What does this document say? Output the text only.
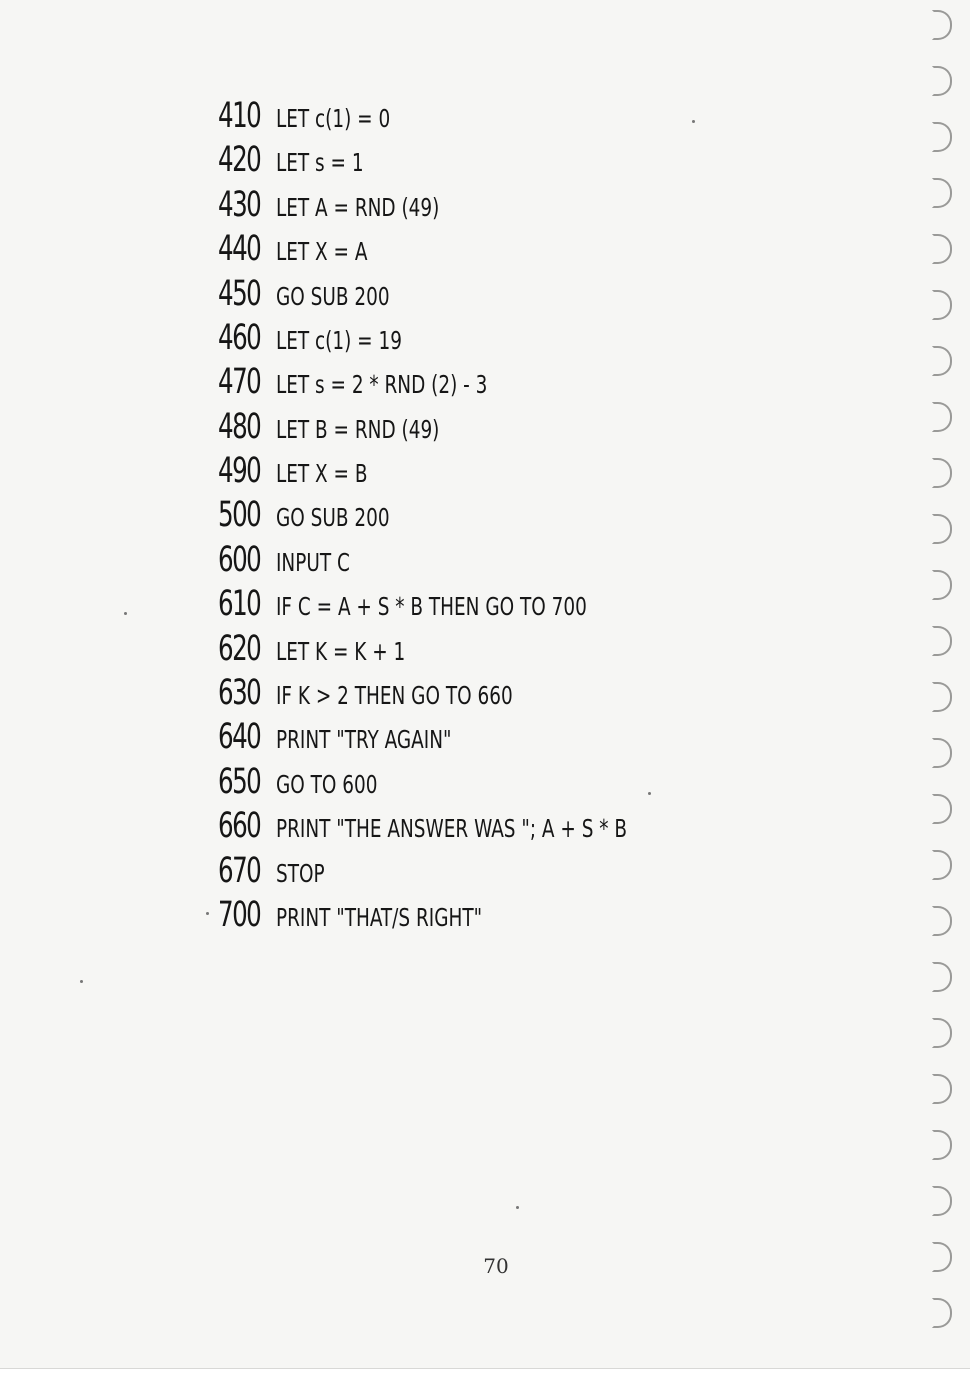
410 LET c(1) = 0
420 LET s = 1
430 LET A = RND (49)
440 LET X = A
450 GO SUB 200
460 LET c(1) = 19
470 LET s = 2 * RND (2) - 3
480 LET B = RND (49)
490 LET X = B
500 GO SUB 200
600 INPUT C
610 IF C = A + S * B THEN GO TO 700
620 LET K = K + 1
630 IF K > 2 THEN GO TO 660
640 PRINT "TRY AGAIN"
650 GO TO 600
660 PRINT "THE ANSWER WAS "; A + S * B
670 STOP
700 PRINT "THAT/S RIGHT"
70
